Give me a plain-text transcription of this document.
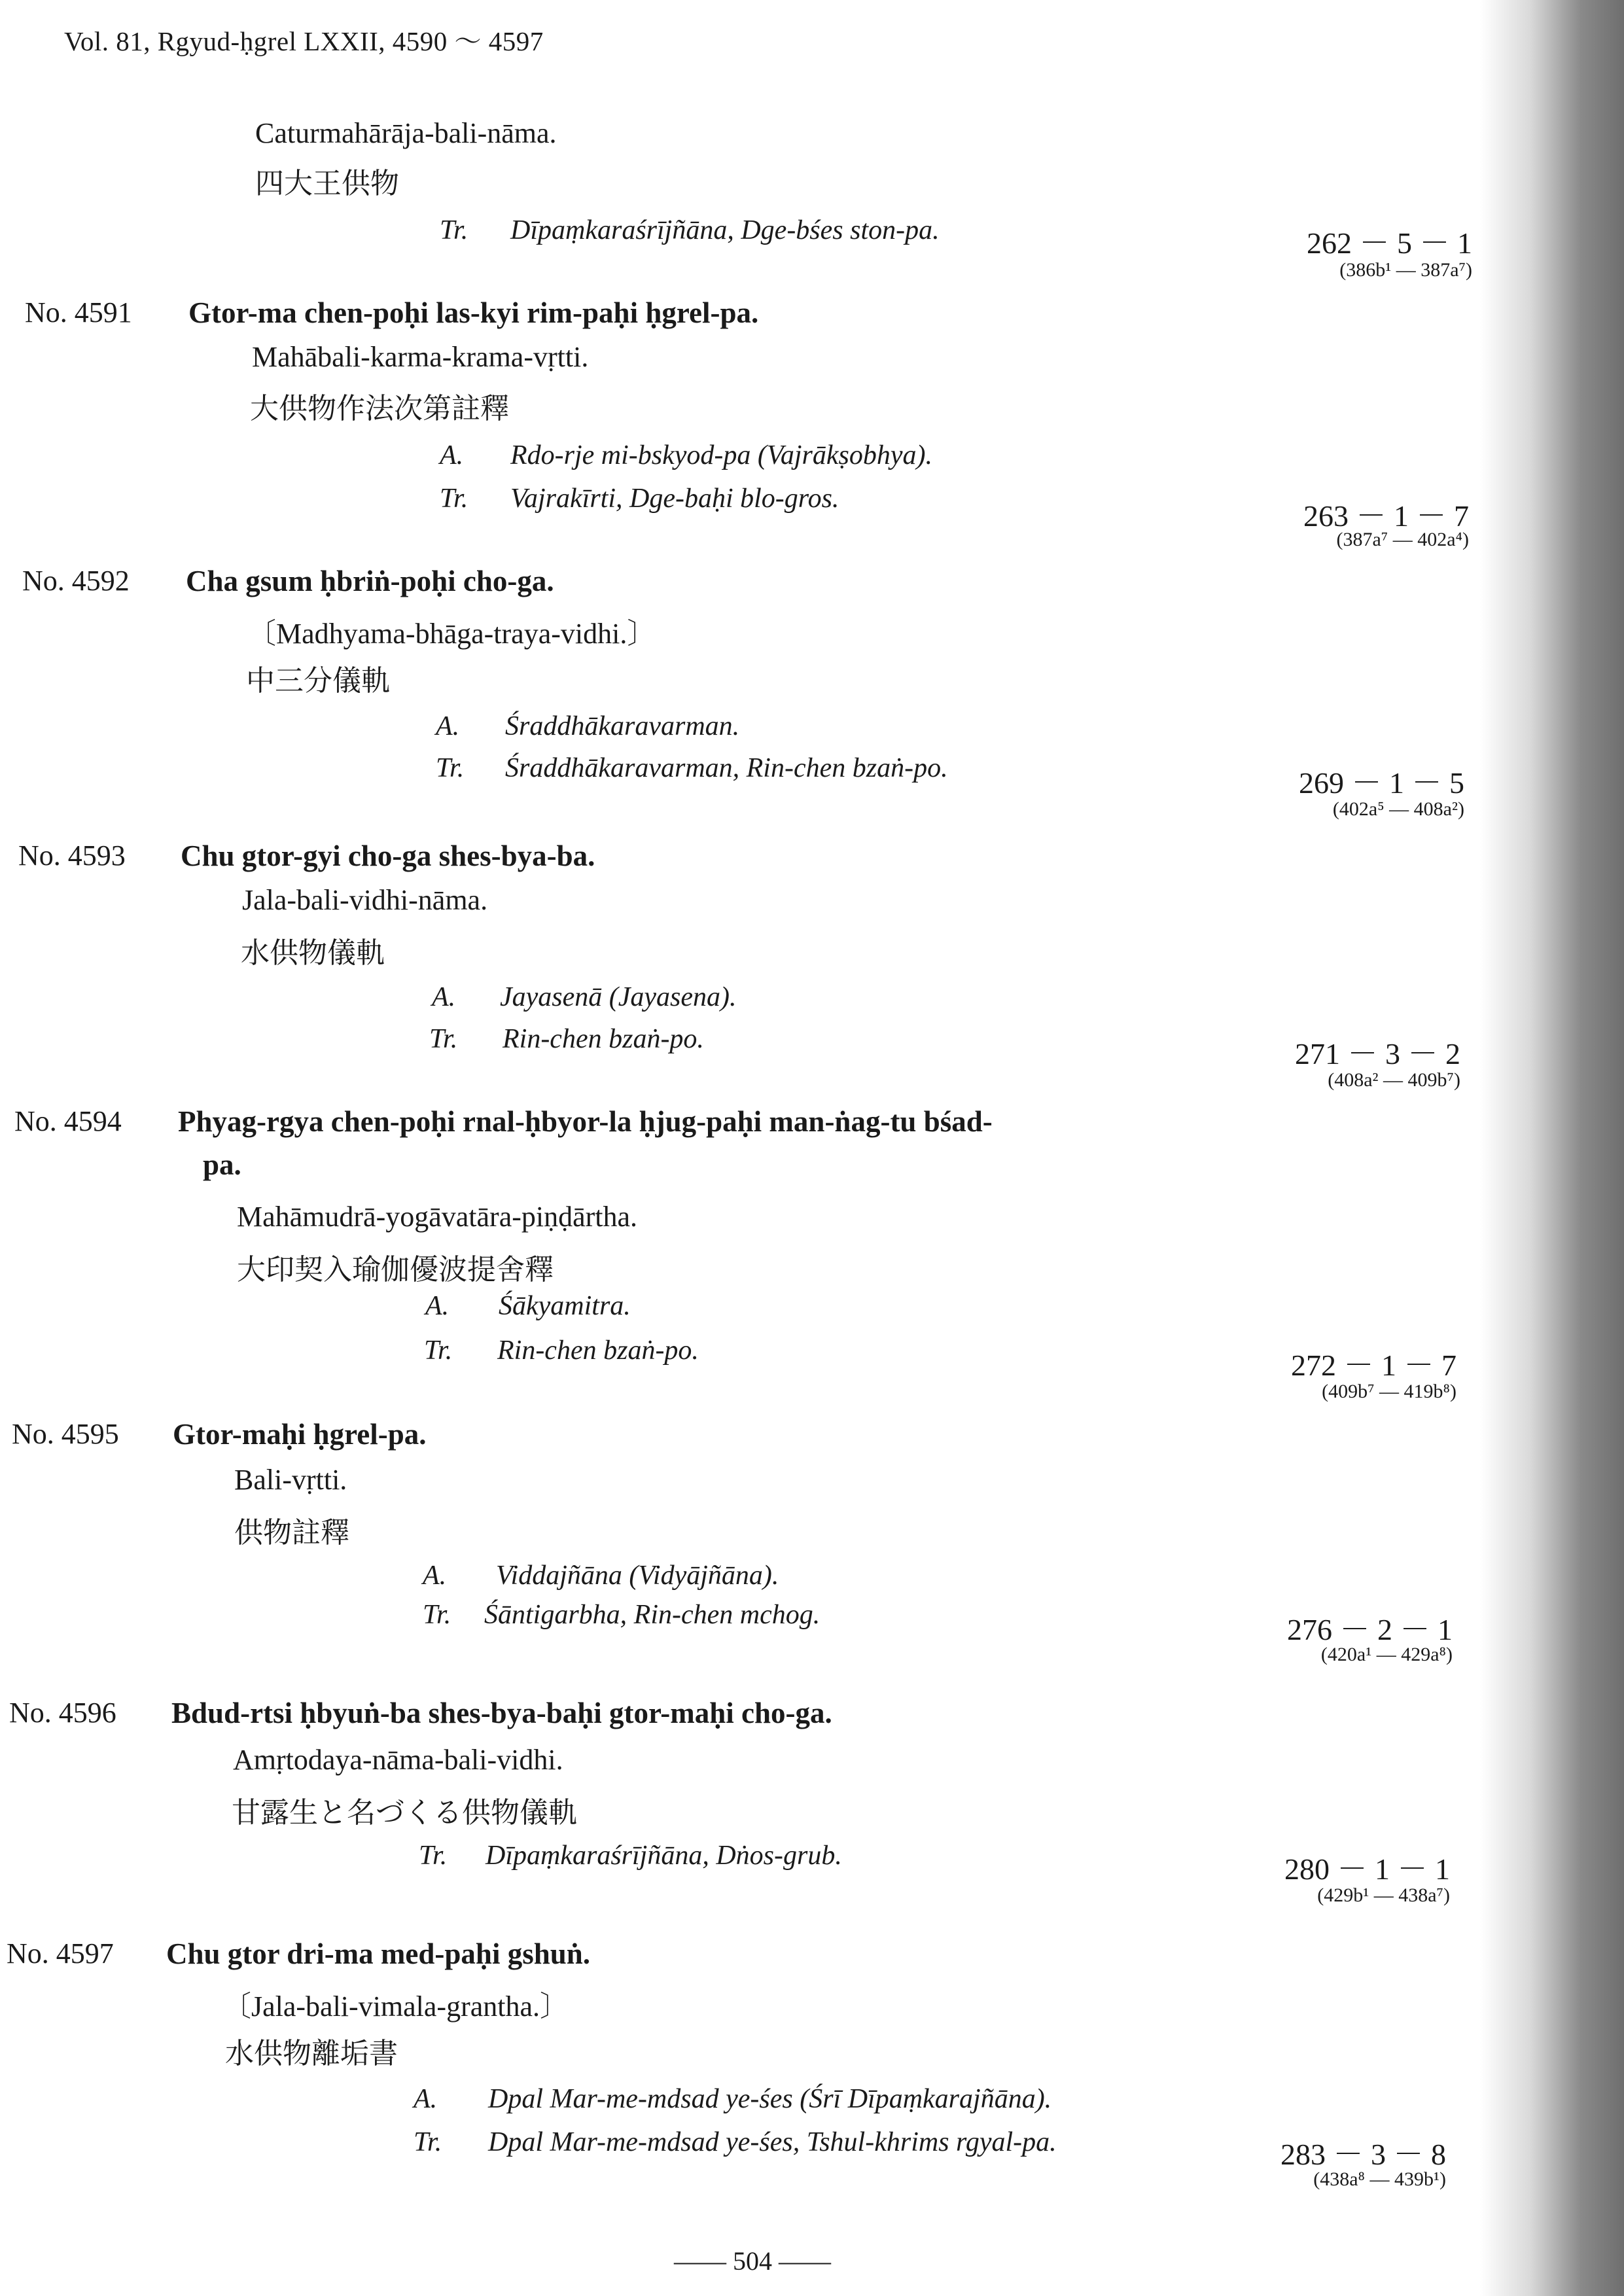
Vol. 81, Rgyud-ḥgrel LXXII, 4590 ～ 4597
Caturmahārāja-bali-nāma.
四大王供物
Tr. Dīpaṃkaraśrījñāna, Dge-bśes ston-pa.	262 － 5 － 1
(386b¹ — 387a⁷)
No. 4591 Gtor-ma chen-poḥi las-kyi rim-paḥi ḥgrel-pa.
Mahābali-karma-krama-vṛtti.
大供物作法次第註釋
A. Rdo-rje mi-bskyod-pa (Vajrākṣobhya).
Tr. Vajrakīrti, Dge-baḥi blo-gros.
263 － 1 － 7
(387a⁷ — 402a⁴)
No. 4592 Cha gsum ḥbriṅ-poḥi cho-ga.
〔Madhyama-bhāga-traya-vidhi.〕
中三分儀軌
A. Śraddhākaravarman.
Tr. Śraddhākaravarman, Rin-chen bzaṅ-po.	269 － 1 － 5
(402a⁵ — 408a²)
No. 4593 Chu gtor-gyi cho-ga shes-bya-ba.
Jala-bali-vidhi-nāma.
水供物儀軌
A. Jayasenā (Jayasena).
Tr. Rin-chen bzaṅ-po.	271 － 3 － 2
(408a² — 409b⁷)
No. 4594 Phyag-rgya chen-poḥi rnal-ḥbyor-la ḥjug-paḥi man-ṅag-tu bśad-
pa.
Mahāmudrā-yogāvatāra-piṇḍārtha.
大印契入瑜伽優波提舍釋
A. Śākyamitra.
Tr. Rin-chen bzaṅ-po.	272 － 1 － 7
(409b⁷ — 419b⁸)
No. 4595 Gtor-maḥi ḥgrel-pa.
Bali-vṛtti.
供物註釋
A. Viddajñāna (Vidyājñāna).
Tr. Śāntigarbha, Rin-chen mchog.	276 － 2 － 1
(420a¹ — 429a⁸)
No. 4596 Bdud-rtsi ḥbyuṅ-ba shes-bya-baḥi gtor-maḥi cho-ga.
Amṛtodaya-nāma-bali-vidhi.
甘露生と名づくる供物儀軌
Tr. Dīpaṃkaraśrījñāna, Dṅos-grub.	280 － 1 － 1
(429b¹ — 438a⁷)
No. 4597 Chu gtor dri-ma med-paḥi gshuṅ.
〔Jala-bali-vimala-grantha.〕
水供物離垢書
A. Dpal Mar-me-mdsad ye-śes (Śrī Dīpaṃkarajñāna).
Tr. Dpal Mar-me-mdsad ye-śes, Tshul-khrims rgyal-pa.	283 － 3 － 8
(438a⁸ — 439b¹)
—— 504 ——
